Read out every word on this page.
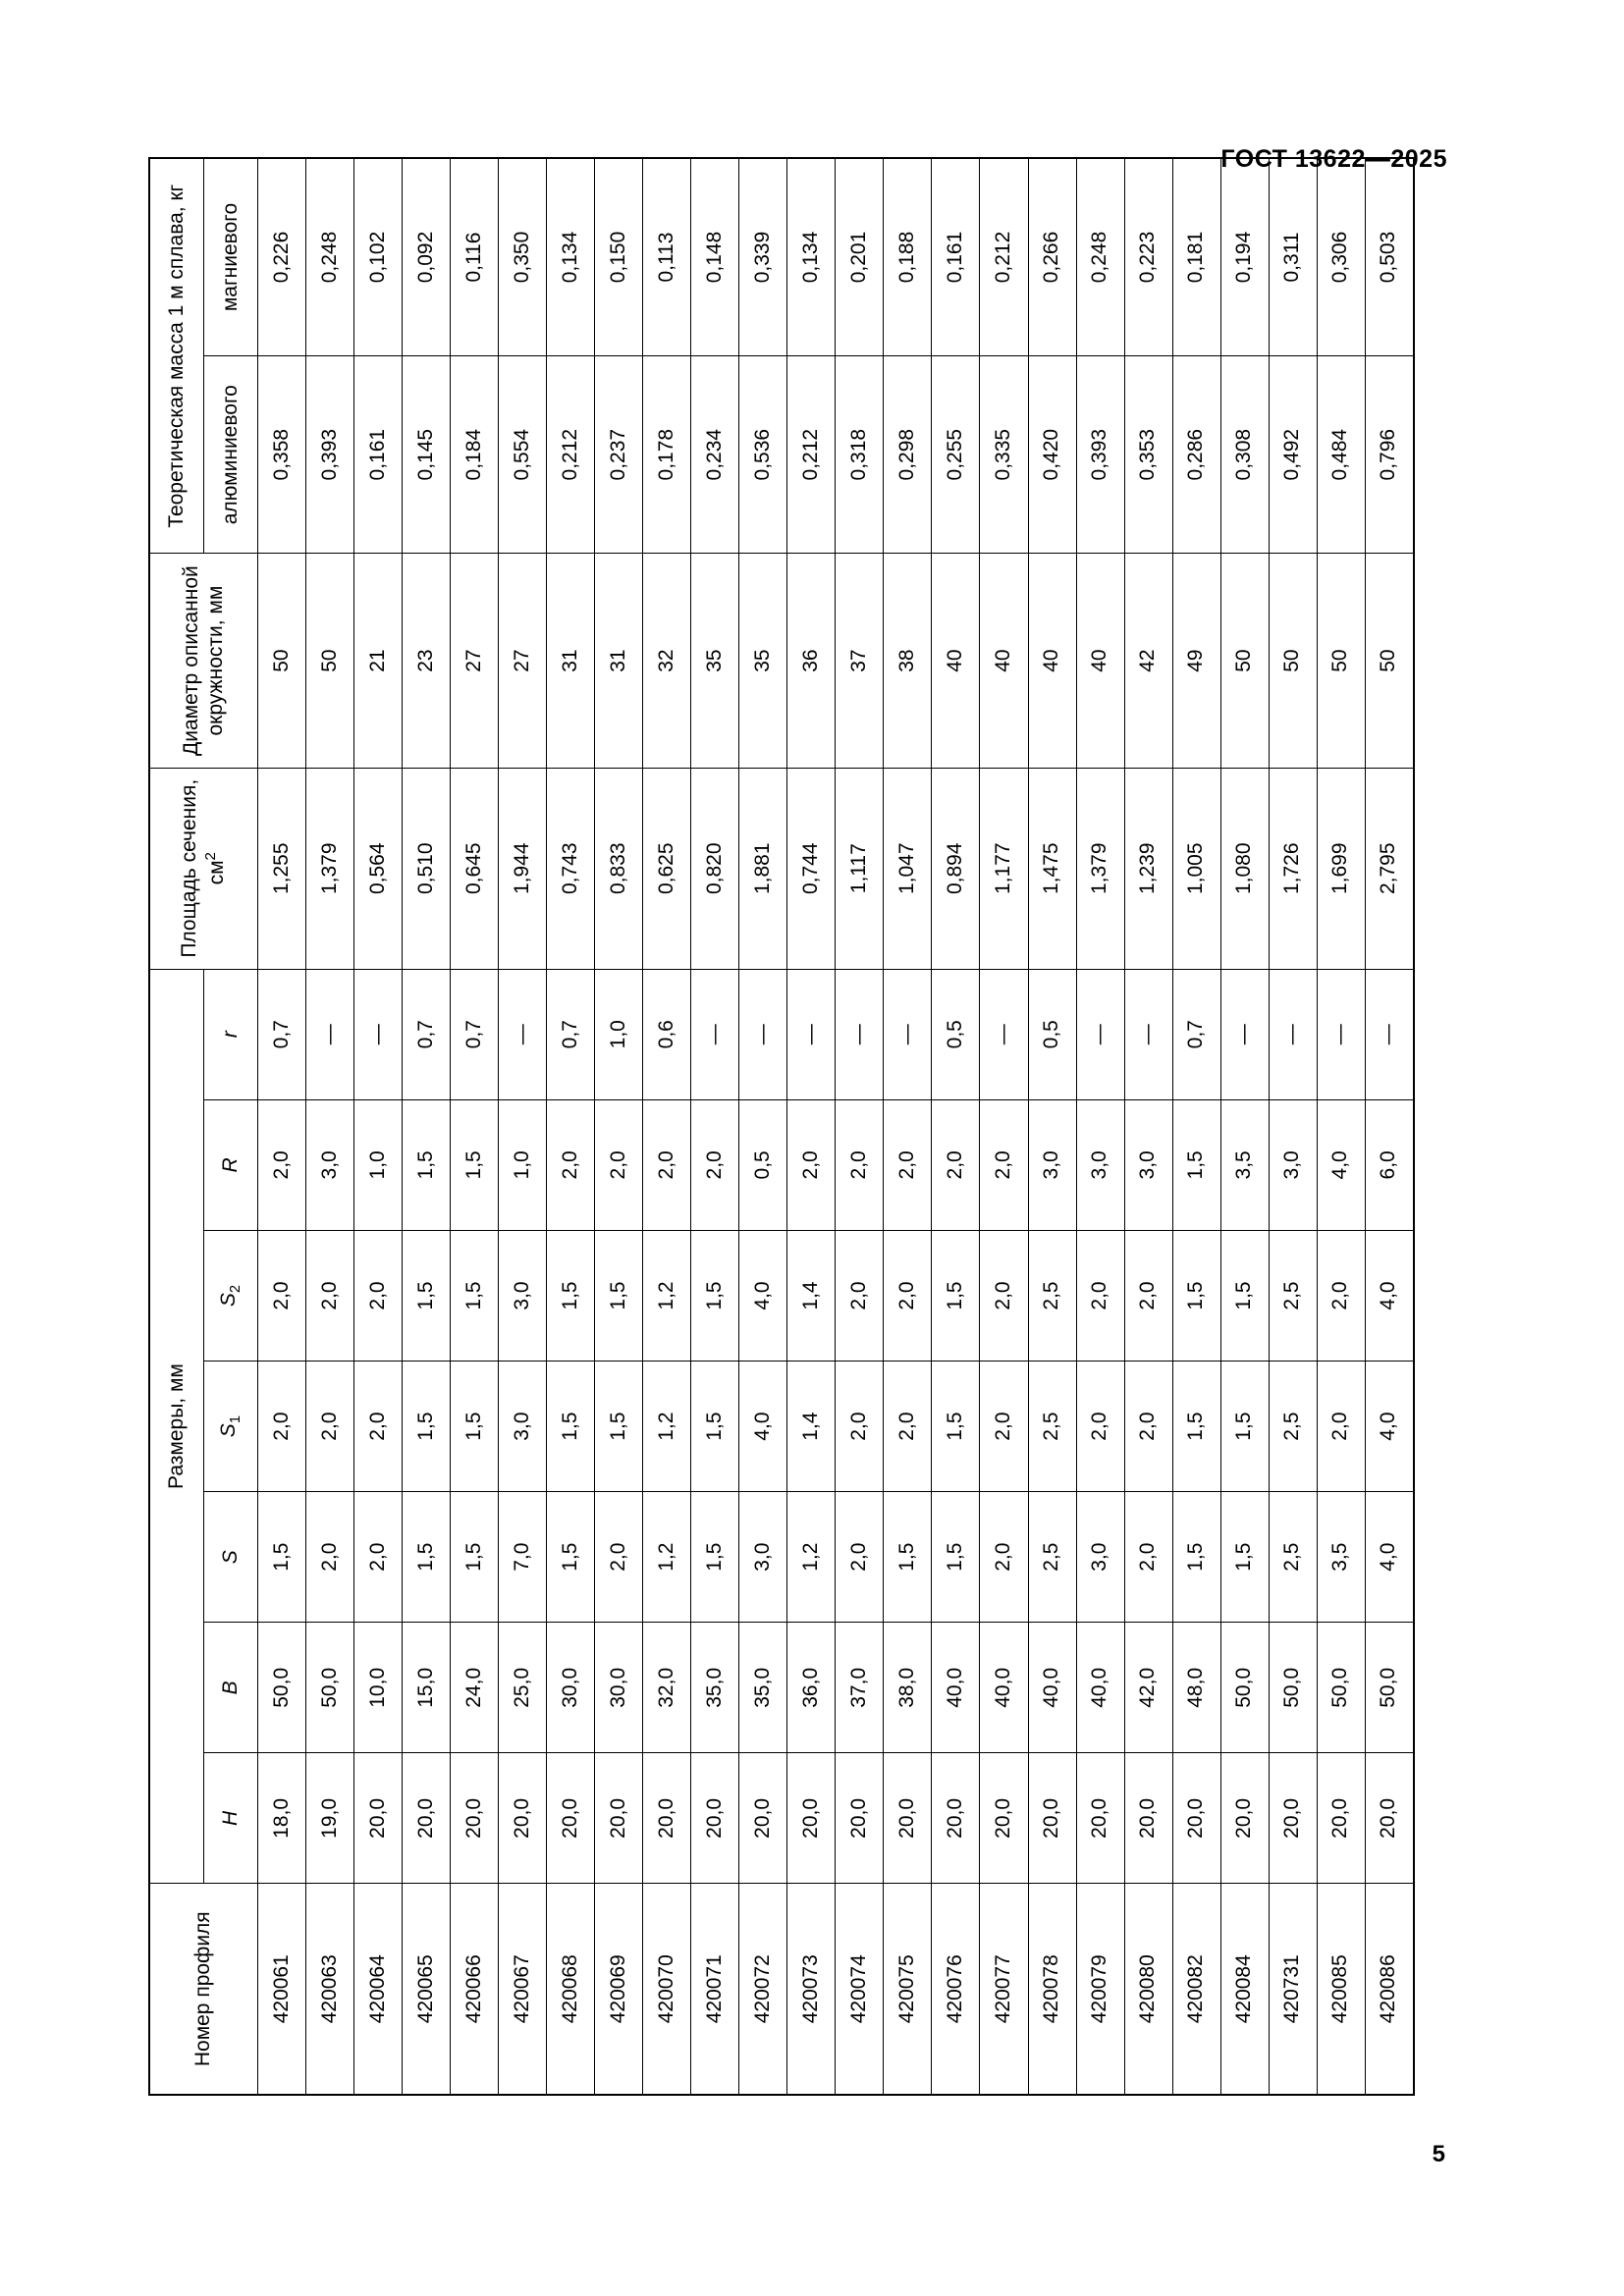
ГОСТ 13622—2025
Номер профиля	Размеры, мм							Площадь сечения, $см^2$	Диаметр описанной окружности, мм	Теоретическая масса 1 м сплава, кг	
	H	B	S	$S_1$	$S_2$	R	r			алюминиевого	магниевого
420061	18,0	50,0	1,5	2,0	2,0	2,0	0,7	1,255	50	0,358	0,226
420063	19,0	50,0	2,0	2,0	2,0	3,0	—	1,379	50	0,393	0,248
420064	20,0	10,0	2,0	2,0	2,0	1,0	—	0,564	21	0,161	0,102
420065	20,0	15,0	1,5	1,5	1,5	1,5	0,7	0,510	23	0,145	0,092
420066	20,0	24,0	1,5	1,5	1,5	1,5	0,7	0,645	27	0,184	0,116
420067	20,0	25,0	7,0	3,0	3,0	1,0	—	1,944	27	0,554	0,350
420068	20,0	30,0	1,5	1,5	1,5	2,0	0,7	0,743	31	0,212	0,134
420069	20,0	30,0	2,0	1,5	1,5	2,0	1,0	0,833	31	0,237	0,150
420070	20,0	32,0	1,2	1,2	1,2	2,0	0,6	0,625	32	0,178	0,113
420071	20,0	35,0	1,5	1,5	1,5	2,0	—	0,820	35	0,234	0,148
420072	20,0	35,0	3,0	4,0	4,0	0,5	—	1,881	35	0,536	0,339
420073	20,0	36,0	1,2	1,4	1,4	2,0	—	0,744	36	0,212	0,134
420074	20,0	37,0	2,0	2,0	2,0	2,0	—	1,117	37	0,318	0,201
420075	20,0	38,0	1,5	2,0	2,0	2,0	—	1,047	38	0,298	0,188
420076	20,0	40,0	1,5	1,5	1,5	2,0	0,5	0,894	40	0,255	0,161
420077	20,0	40,0	2,0	2,0	2,0	2,0	—	1,177	40	0,335	0,212
420078	20,0	40,0	2,5	2,5	2,5	3,0	0,5	1,475	40	0,420	0,266
420079	20,0	40,0	3,0	2,0	2,0	3,0	—	1,379	40	0,393	0,248
420080	20,0	42,0	2,0	2,0	2,0	3,0	—	1,239	42	0,353	0,223
420082	20,0	48,0	1,5	1,5	1,5	1,5	0,7	1,005	49	0,286	0,181
420084	20,0	50,0	1,5	1,5	1,5	3,5	—	1,080	50	0,308	0,194
420731	20,0	50,0	2,5	2,5	2,5	3,0	—	1,726	50	0,492	0,311
420085	20,0	50,0	3,5	2,0	2,0	4,0	—	1,699	50	0,484	0,306
420086	20,0	50,0	4,0	4,0	4,0	6,0	—	2,795	50	0,796	0,503
5
